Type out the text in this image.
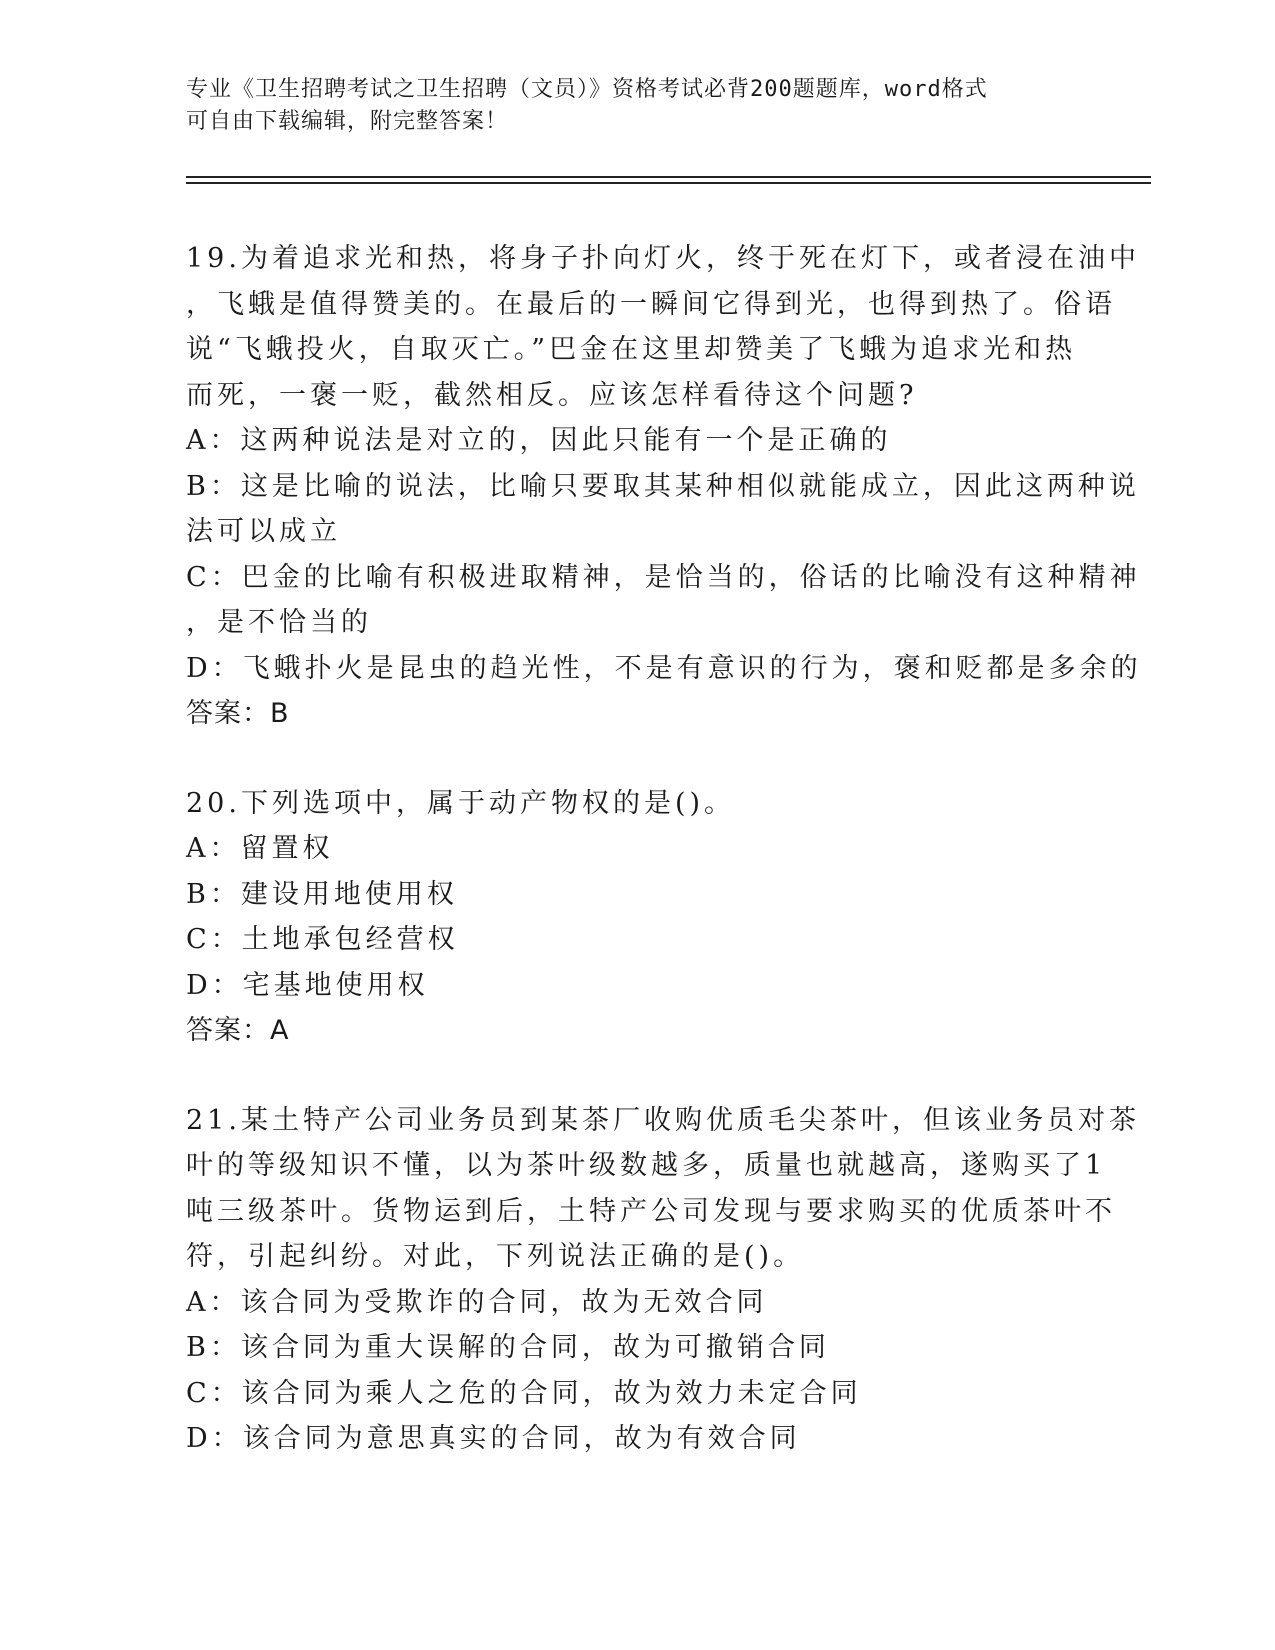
专业《卫生招聘考试之卫生招聘（文员）》资格考试必背200题题库，word格式

可自由下载编辑，附完整答案！

19.为着追求光和热，将身子扑向灯火，终于死在灯下，或者浸在油中

，飞蛾是值得赞美的。在最后的一瞬间它得到光，也得到热了。俗语

说“飞蛾投火，自取灭亡。”巴金在这里却赞美了飞蛾为追求光和热

而死，一褒一贬，截然相反。应该怎样看待这个问题?

A：这两种说法是对立的，因此只能有一个是正确的

B：这是比喻的说法，比喻只要取其某种相似就能成立，因此这两种说

法可以成立

C：巴金的比喻有积极进取精神，是恰当的，俗话的比喻没有这种精神

，是不恰当的

D：飞蛾扑火是昆虫的趋光性，不是有意识的行为，褒和贬都是多余的

答案：B

20.下列选项中，属于动产物权的是()。

A：留置权

B：建设用地使用权

C：土地承包经营权

D：宅基地使用权

答案：A

21.某土特产公司业务员到某茶厂收购优质毛尖茶叶，但该业务员对茶

叶的等级知识不懂，以为茶叶级数越多，质量也就越高，遂购买了1

吨三级茶叶。货物运到后，土特产公司发现与要求购买的优质茶叶不

符，引起纠纷。对此，下列说法正确的是()。

A：该合同为受欺诈的合同，故为无效合同

B：该合同为重大误解的合同，故为可撤销合同

C：该合同为乘人之危的合同，故为效力未定合同

D：该合同为意思真实的合同，故为有效合同
